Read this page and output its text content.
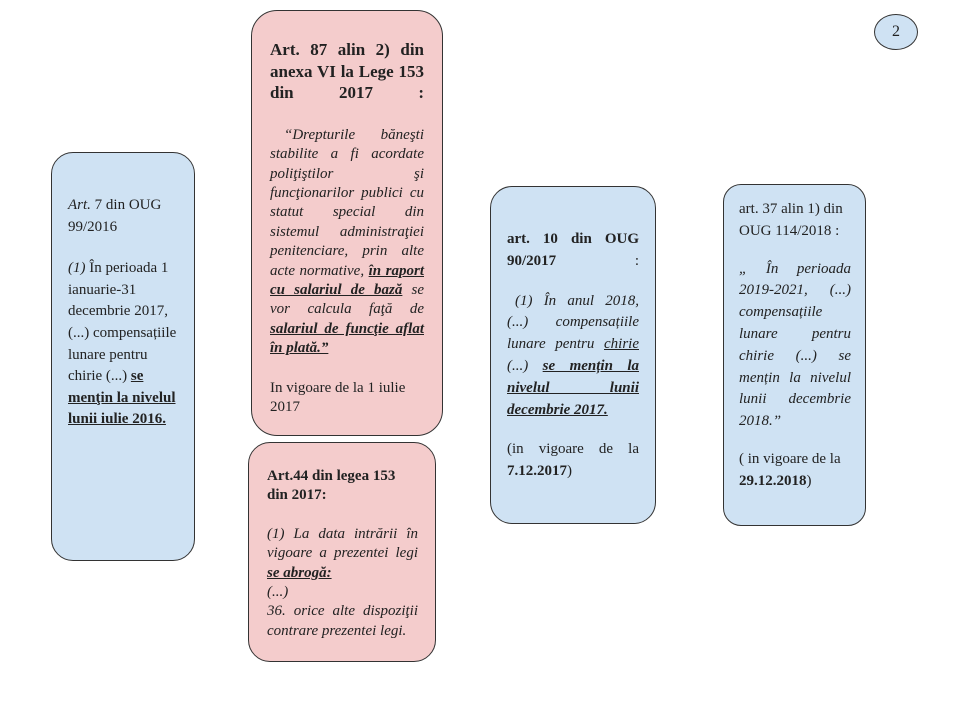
2

Art. 7 din OUG 99/2016

(1) În perioada 1 ianuarie-31 decembrie 2017, (...) compensațiile lunare pentru chirie (...) se menţin la nivelul lunii iulie 2016.

Art. 87 alin 2) din anexa VI la Lege 153 din 2017 :

“Drepturile băneşti stabilite a fi acordate poliţiştilor şi funcţionarilor publici cu statut special din sistemul administraţiei penitenciare, prin alte acte normative, în raport cu salariul de bază se vor calcula faţă de salariul de funcţie aflat în plată.”

In vigoare de la 1 iulie 2017

Art.44 din legea 153 din 2017:

(1) La data intrării în vigoare a prezentei legi se abrogă:

(...)

36. orice alte dispoziţii contrare prezentei legi.

art. 10 din OUG 90/2017 :

(1) În anul 2018, (...) compensațiile lunare pentru chirie (...) se mențin la nivelul lunii decembrie 2017.

(in vigoare de la 7.12.2017)

art. 37 alin 1) din OUG 114/2018 :

„ În perioada 2019-2021, (...) compensațiile lunare pentru chirie (...) se mențin la nivelul lunii decembrie 2018.”

( in vigoare de la 29.12.2018)
